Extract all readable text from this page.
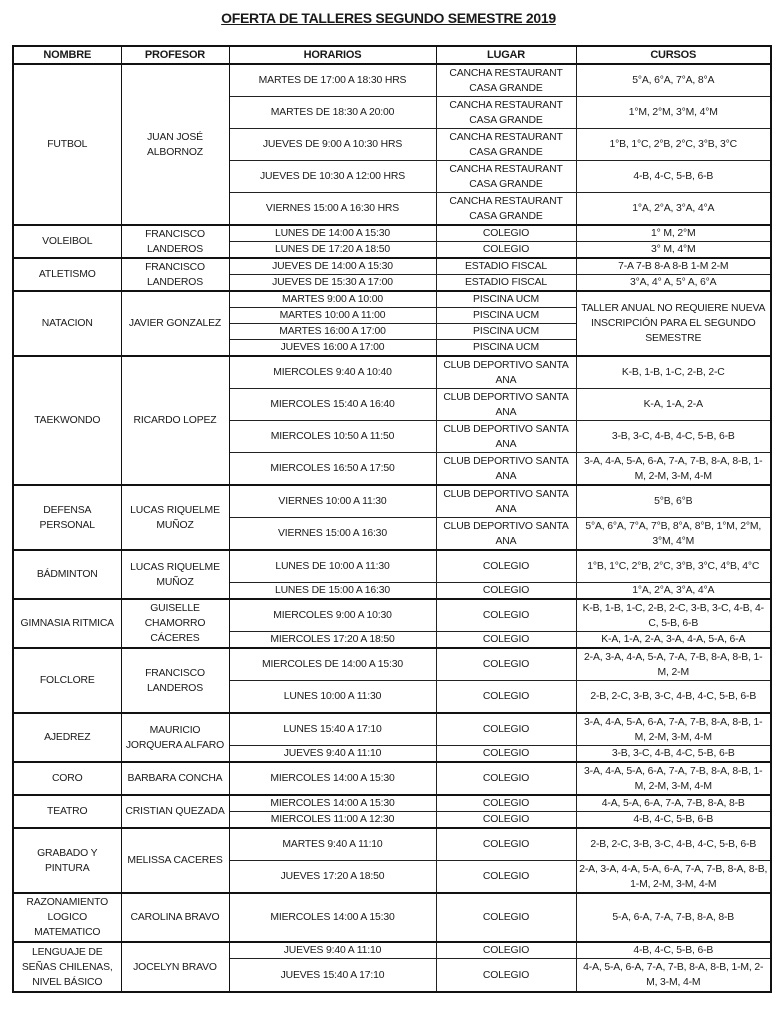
OFERTA DE TALLERES SEGUNDO SEMESTRE 2019
NOMBRE	PROFESOR	HORARIOS	LUGAR	CURSOS
FUTBOL	JUAN JOSÉ ALBORNOZ	MARTES DE 17:00 A 18:30 HRS	CANCHA RESTAURANT CASA GRANDE	5°A, 6°A, 7°A, 8°A
		MARTES DE 18:30 A 20:00	CANCHA RESTAURANT CASA GRANDE	1°M, 2°M, 3°M, 4°M
		JUEVES DE 9:00 A 10:30 HRS	CANCHA RESTAURANT CASA GRANDE	1°B, 1°C, 2°B, 2°C, 3°B, 3°C
		JUEVES DE 10:30 A 12:00 HRS	CANCHA RESTAURANT CASA GRANDE	4-B, 4-C, 5-B, 6-B
		VIERNES 15:00 A 16:30 HRS	CANCHA RESTAURANT CASA GRANDE	1°A, 2°A, 3°A, 4°A
VOLEIBOL	FRANCISCO LANDEROS	LUNES DE 14:00 A 15:30	COLEGIO	1° M, 2°M
		LUNES DE 17:20 A 18:50	COLEGIO	3° M, 4°M
ATLETISMO	FRANCISCO LANDEROS	JUEVES DE 14:00 A 15:30	ESTADIO FISCAL	7-A 7-B 8-A 8-B 1-M 2-M
		JUEVES DE 15:30 A 17:00	ESTADIO FISCAL	3°A, 4° A, 5° A, 6°A
NATACION	JAVIER GONZALEZ	MARTES 9:00 A 10:00	PISCINA UCM	TALLER ANUAL NO REQUIERE NUEVA INSCRIPCIÓN PARA EL SEGUNDO SEMESTRE
		MARTES 10:00 A 11:00	PISCINA UCM	
		MARTES 16:00 A 17:00	PISCINA UCM	
		JUEVES 16:00 A 17:00	PISCINA UCM	
TAEKWONDO	RICARDO LOPEZ	MIERCOLES 9:40 A 10:40	CLUB DEPORTIVO SANTA ANA	K-B, 1-B, 1-C, 2-B, 2-C
		MIERCOLES 15:40 A 16:40	CLUB DEPORTIVO SANTA ANA	K-A, 1-A, 2-A
		MIERCOLES 10:50 A 11:50	CLUB DEPORTIVO SANTA ANA	3-B, 3-C, 4-B, 4-C, 5-B, 6-B
		MIERCOLES 16:50 A 17:50	CLUB DEPORTIVO SANTA ANA	3-A, 4-A, 5-A, 6-A, 7-A, 7-B, 8-A, 8-B, 1-M, 2-M, 3-M, 4-M
DEFENSA PERSONAL	LUCAS RIQUELME MUÑOZ	VIERNES 10:00 A 11:30	CLUB DEPORTIVO SANTA ANA	5°B, 6°B
		VIERNES 15:00 A 16:30	CLUB DEPORTIVO SANTA ANA	5°A, 6°A, 7°A, 7°B, 8°A, 8°B, 1°M, 2°M, 3°M, 4°M
BÁDMINTON	LUCAS RIQUELME MUÑOZ	LUNES DE 10:00 A 11:30	COLEGIO	1°B, 1°C, 2°B, 2°C, 3°B, 3°C, 4°B, 4°C
		LUNES DE 15:00 A 16:30	COLEGIO	1°A, 2°A, 3°A, 4°A
GIMNASIA RITMICA	GUISELLE CHAMORRO CÁCERES	MIERCOLES 9:00 A 10:30	COLEGIO	K-B, 1-B, 1-C, 2-B, 2-C, 3-B, 3-C, 4-B, 4-C, 5-B, 6-B
		MIERCOLES 17:20 A 18:50	COLEGIO	K-A, 1-A, 2-A, 3-A, 4-A, 5-A, 6-A
FOLCLORE	FRANCISCO LANDEROS	MIERCOLES DE 14:00 A 15:30	COLEGIO	2-A, 3-A, 4-A, 5-A, 7-A, 7-B, 8-A, 8-B, 1-M, 2-M
		LUNES 10:00 A 11:30	COLEGIO	2-B, 2-C, 3-B, 3-C, 4-B, 4-C, 5-B, 6-B
AJEDREZ	MAURICIO JORQUERA ALFARO	LUNES 15:40 A 17:10	COLEGIO	3-A, 4-A, 5-A, 6-A, 7-A, 7-B, 8-A, 8-B, 1-M, 2-M, 3-M, 4-M
		JUEVES 9:40 A 11:10	COLEGIO	3-B, 3-C, 4-B, 4-C, 5-B, 6-B
CORO	BARBARA CONCHA	MIERCOLES 14:00 A 15:30	COLEGIO	3-A, 4-A, 5-A, 6-A, 7-A, 7-B, 8-A, 8-B, 1-M, 2-M, 3-M, 4-M
TEATRO	CRISTIAN QUEZADA	MIERCOLES 14:00 A 15:30	COLEGIO	4-A, 5-A, 6-A, 7-A, 7-B, 8-A, 8-B
		MIERCOLES 11:00 A 12:30	COLEGIO	4-B, 4-C, 5-B, 6-B
GRABADO Y PINTURA	MELISSA CACERES	MARTES 9:40 A 11:10	COLEGIO	2-B, 2-C, 3-B, 3-C, 4-B, 4-C, 5-B, 6-B
		JUEVES 17:20 A 18:50	COLEGIO	2-A, 3-A, 4-A, 5-A, 6-A, 7-A, 7-B, 8-A, 8-B, 1-M, 2-M, 3-M, 4-M
RAZONAMIENTO LOGICO MATEMATICO	CAROLINA BRAVO	MIERCOLES 14:00 A 15:30	COLEGIO	5-A, 6-A, 7-A, 7-B, 8-A, 8-B
LENGUAJE DE SEÑAS CHILENAS, NIVEL BÁSICO	JOCELYN BRAVO	JUEVES 9:40 A 11:10	COLEGIO	4-B, 4-C, 5-B, 6-B
		JUEVES 15:40 A 17:10	COLEGIO	4-A, 5-A, 6-A, 7-A, 7-B, 8-A, 8-B, 1-M, 2-M, 3-M, 4-M
